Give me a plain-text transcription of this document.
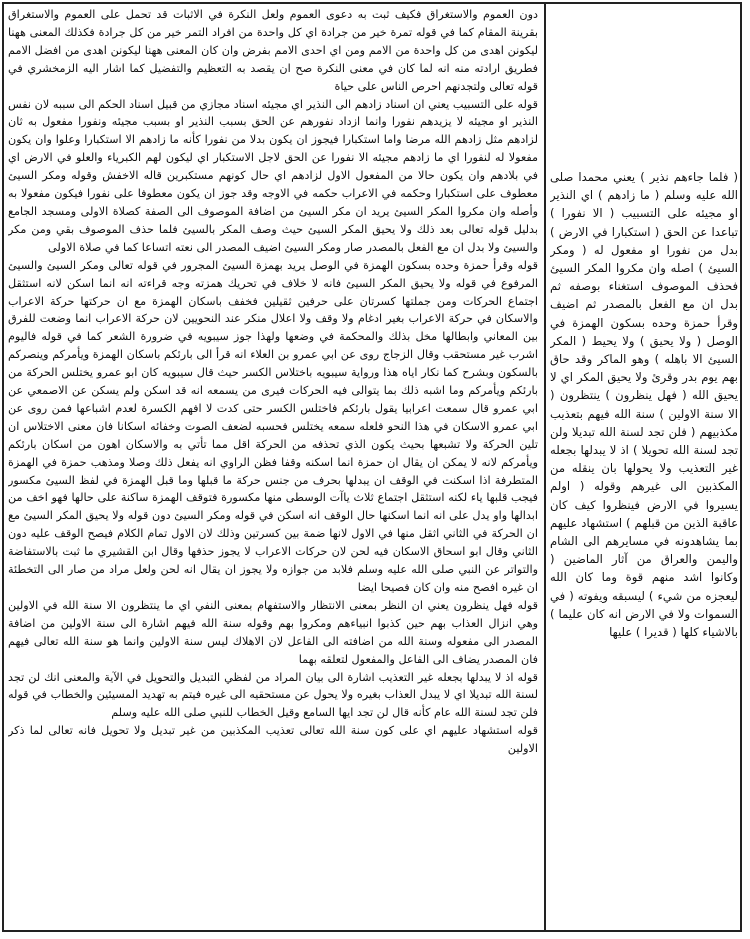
دون العموم والاستغراق فكيف ثبت به دعوى العموم ولعل النكرة في الاثبات قد تحمل على العموم والاستغراق بقرينة المقام كما في قوله تمرة خير من جرادة اي كل واحدة من افراد التمر خير من كل جرادة فكذلك المعنى ههنا ليكونن اهدى من كل واحدة من الامم ومن اي احدى الامم بفرض وان كان المعنى ههنا ليكونن اهدى من افضل الامم فطريق ارادته منه انه لما كان في معنى النكرة صح ان يقصد به التعظيم والتفضيل كما اشار اليه الزمخشري في قوله تعالى ولتجدنهم احرص الناس على حياة

قوله على التسبيب يعني ان اسناد زادهم الى النذير اي مجيئه اسناد مجازي من قبيل اسناد الحكم الى سببه لان نفس النذير او مجيئه لا يزيدهم نفورا وانما ازداد نفورهم عن الحق بسبب النذير او بسبب مجيئه ونفورا مفعول به ثان لزادهم مثل زادهم الله مرضا واما استكبارا فيجوز ان يكون بدلا من نفورا كأنه ما زادهم الا استكبارا وعلوا وان يكون مفعولا له لنفورا اي ما زادهم مجيئه الا نفورا عن الحق لاجل الاستكبار اي ليكون لهم الكبرياء والعلو في الارض اي في بلادهم وان يكون حالا من المفعول الاول لزادهم اي حال كونهم مستكبرين قاله الاخفش وقوله ومكر السيئ معطوف على استكبارا وحكمه في الاعراب حكمه في الاوجه وقد جوز ان يكون معطوفا على نفورا فيكون مفعولا به وأصله وان مكروا المكر السيئ يريد ان مكر السيئ من اضافة الموصوف الى الصفة كصلاة الاولى ومسجد الجامع بدليل قوله تعالى بعد ذلك ولا يحيق المكر السيئ حيث وصف المكر بالسيئ فلما حذف الموصوف بقي ومن مكر والسيئ ولا بدل ان مع الفعل بالمصدر صار ومكر السيئ اضيف المصدر الى نعته اتساعا كما في صلاة الاولى

قوله وقرأ حمزة وحده بسكون الهمزة في الوصل يريد بهمزة السيئ المجرور في قوله تعالى ومكر السيئ والسيئ المرفوع في قوله ولا يحيق المكر السيئ فانه لا خلاف في تحريك همزته وجه قراءته انه انما اسكن لانه استثقل اجتماع الحركات ومن جملتها كسرتان على حرفين ثقيلين فخفف باسكان الهمزة مع ان حركتها حركة الاعراب والاسكان في حركة الاعراب بغير ادغام ولا وقف ولا اعلال منكر عند النحويين لان حركة الاعراب انما وضعت للفرق بين المعاني وابطالها مخل بذلك والمحكمة في وضعها ولهذا جوز سيبويه في ضرورة الشعر كما في قوله فاليوم اشرب غير مستحقب وقال الزجاج روى عن ابي عمرو بن العلاء انه قرأ الى بارئكم باسكان الهمزة ويأمركم وينصركم بالسكون وبشرح كما نكار اياه هذا ورواية سيبويه باختلاس الكسر حيث قال سيبويه كان ابو عمرو يختلس الحركة من بارئكم ويأمركم وما اشبه ذلك بما يتوالى فيه الحركات فيرى من يسمعه انه قد اسكن ولم يسكن عن الاصمعي عن ابي عمرو قال سمعت اعرابيا يقول بارئكم فاختلس الكسر حتى كدت لا افهم الكسرة لعدم اشباعها فمن روى عن ابي عمرو الاسكان في هذا النحو فلعله سمعه يختلس فحسبه لضعف الصوت وخفائه اسكانا فان معنى الاختلاس ان تلين الحركة ولا تشبعها بحيث يكون الذي تحذفه من الحركة اقل مما تأتي به والاسكان اهون من اسكان بارئكم ويأمركم لانه لا يمكن ان يقال ان حمزة انما اسكنه وقفا فظن الراوي انه يفعل ذلك وصلا ومذهب حمزة في الهمزة المتطرفة اذا اسكنت في الوقف ان يبدلها بحرف من جنس حركة ما قبلها وما قبل الهمزة في لفظ السيئ مكسور فيجب قلبها ياء لكنه استثقل اجتماع ثلاث ياآت الوسطى منها مكسورة فتوقف الهمزة ساكنة على حالها فهو اخف من ابدالها واو يدل على انه انما اسكنها حال الوقف انه اسكن في قوله ومكر السيئ دون قوله ولا يحيق المكر السيئ مع ان الحركة في الثاني اثقل منها في الاول لانها ضمة بين كسرتين وذلك لان الاول تمام الكلام فيصح الوقف عليه دون الثاني وقال ابو اسحاق الاسكان فيه لحن لان حركات الاعراب لا يجوز حذفها وقال ابن القشيري ما ثبت بالاستفاضة والتواتر عن النبي صلى الله عليه وسلم فلابد من جوازه ولا يجوز ان يقال انه لحن ولعل مراد من صار الى التخطئة ان غيره افصح منه وان كان فصيحا ايضا

قوله فهل ينظرون يعني ان النظر بمعنى الانتظار والاستفهام بمعنى النفي اي ما ينتظرون الا سنة الله في الاولين وهي انزال العذاب بهم حين كذبوا انبياءهم ومكروا بهم وقوله سنة الله فيهم اشارة الى سنة الاولين من اضافة المصدر الى مفعوله وسنة الله من اضافته الى الفاعل لان الاهلاك ليس سنة الاولين وانما هو سنة الله تعالى فيهم فان المصدر يضاف الى الفاعل والمفعول لتعلقه بهما

قوله اذ لا يبدلها بجعله غير التعذيب اشارة الى بيان المراد من لفظي التبديل والتحويل في الآية والمعنى انك لن تجد لسنة الله تبديلا اي لا يبدل العذاب بغيره ولا يحول عن مستحقيه الى غيره فيتم به تهديد المسيئين والخطاب في قوله فلن تجد لسنة الله عام كأنه قال لن تجد ايها السامع وقيل الخطاب للنبي صلى الله عليه وسلم

قوله استشهاد عليهم اي على كون سنة الله تعالى تعذيب المكذبين من غير تبديل ولا تحويل فانه تعالى لما ذكر الاولين

( فلما جاءهم نذير ) يعني محمدا صلى الله عليه وسلم ( ما زادهم ) اي النذير او مجيئه على التسبيب ( الا نفورا ) تباعدا عن الحق ( استكبارا في الارض ) بدل من نفورا او مفعول له ( ومكر السيئ ) اصله وان مكروا المكر السيئ فحذف الموصوف استغناء بوصفه ثم بدل ان مع الفعل بالمصدر ثم اضيف وقرأ حمزة وحده بسكون الهمزة في الوصل ( ولا يحيق ) ولا يحيط ( المكر السيئ الا باهله ) وهو الماكر وقد حاق بهم يوم بدر وقرئ ولا يحيق المكر اي لا يحيق الله ( فهل ينظرون ) ينتظرون ( الا سنة الاولين ) سنة الله فيهم بتعذيب مكذبيهم ( فلن تجد لسنة الله تبديلا ولن تجد لسنة الله تحويلا ) اذ لا يبدلها بجعله غير التعذيب ولا يحولها بان ينقله من المكذبين الى غيرهم وقوله ( اولم يسيروا في الارض فينظروا كيف كان عاقبة الذين من قبلهم ) استشهاد عليهم بما يشاهدونه في مسايرهم الى الشام واليمن والعراق من آثار الماضين ( وكانوا اشد منهم قوة وما كان الله ليعجزه من شيء ) ليسبقه ويفوته ( في السموات ولا في الارض انه كان عليما ) بالاشياء كلها ( قديرا ) عليها
